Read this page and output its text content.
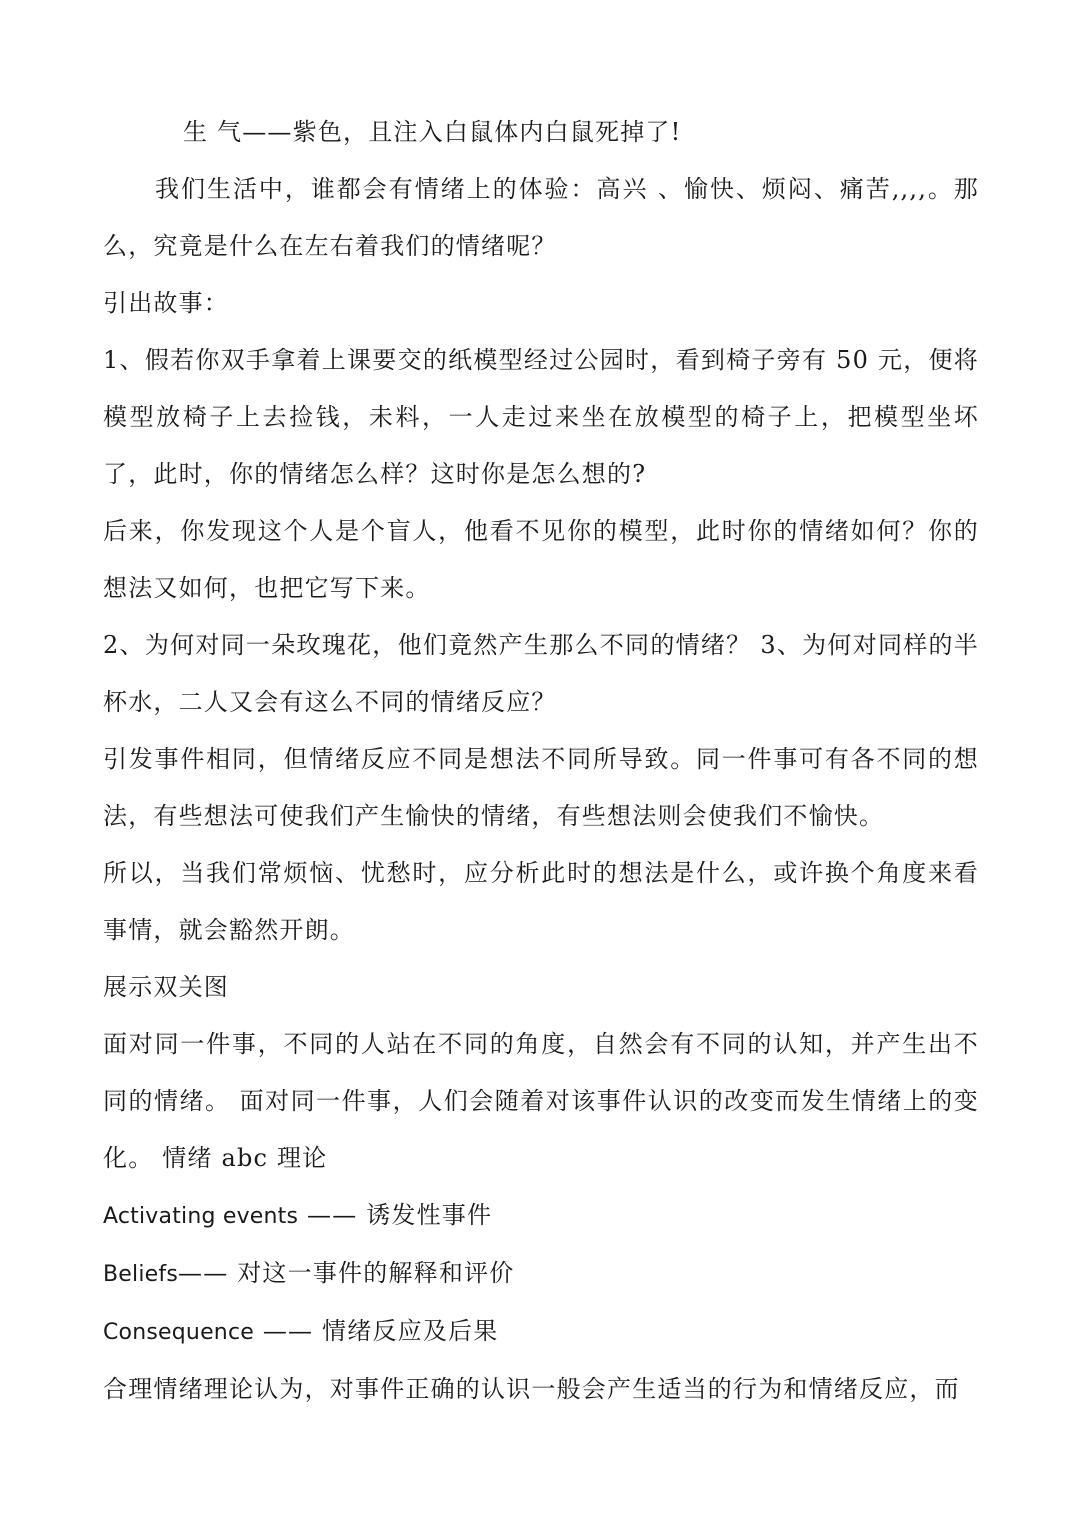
生 气——紫色，且注入白鼠体内白鼠死掉了!

我们生活中，谁都会有情绪上的体验：高兴 、愉快、烦闷、痛苦,,,,。那么，究竟是什么在左右着我们的情绪呢？

引出故事：

1、假若你双手拿着上课要交的纸模型经过公园时，看到椅子旁有 50 元，便将模型放椅子上去捡钱，未料，一人走过来坐在放模型的椅子上，把模型坐坏了，此时，你的情绪怎么样？这时你是怎么想的?

后来，你发现这个人是个盲人，他看不见你的模型，此时你的情绪如何？你的想法又如何，也把它写下来。

2、为何对同一朵玫瑰花，他们竟然产生那么不同的情绪？ 3、为何对同样的半杯水，二人又会有这么不同的情绪反应？

引发事件相同，但情绪反应不同是想法不同所导致。同一件事可有各不同的想法，有些想法可使我们产生愉快的情绪，有些想法则会使我们不愉快。

所以，当我们常烦恼、忧愁时，应分析此时的想法是什么，或许换个角度来看事情，就会豁然开朗。

展示双关图

面对同一件事，不同的人站在不同的角度，自然会有不同的认知，并产生出不同的情绪。 面对同一件事，人们会随着对该事件认识的改变而发生情绪上的变化。 情绪 abc 理论

Activating events —— 诱发性事件

Beliefs—— 对这一事件的解释和评价

Consequence —— 情绪反应及后果

合理情绪理论认为，对事件正确的认识一般会产生适当的行为和情绪反应，而
